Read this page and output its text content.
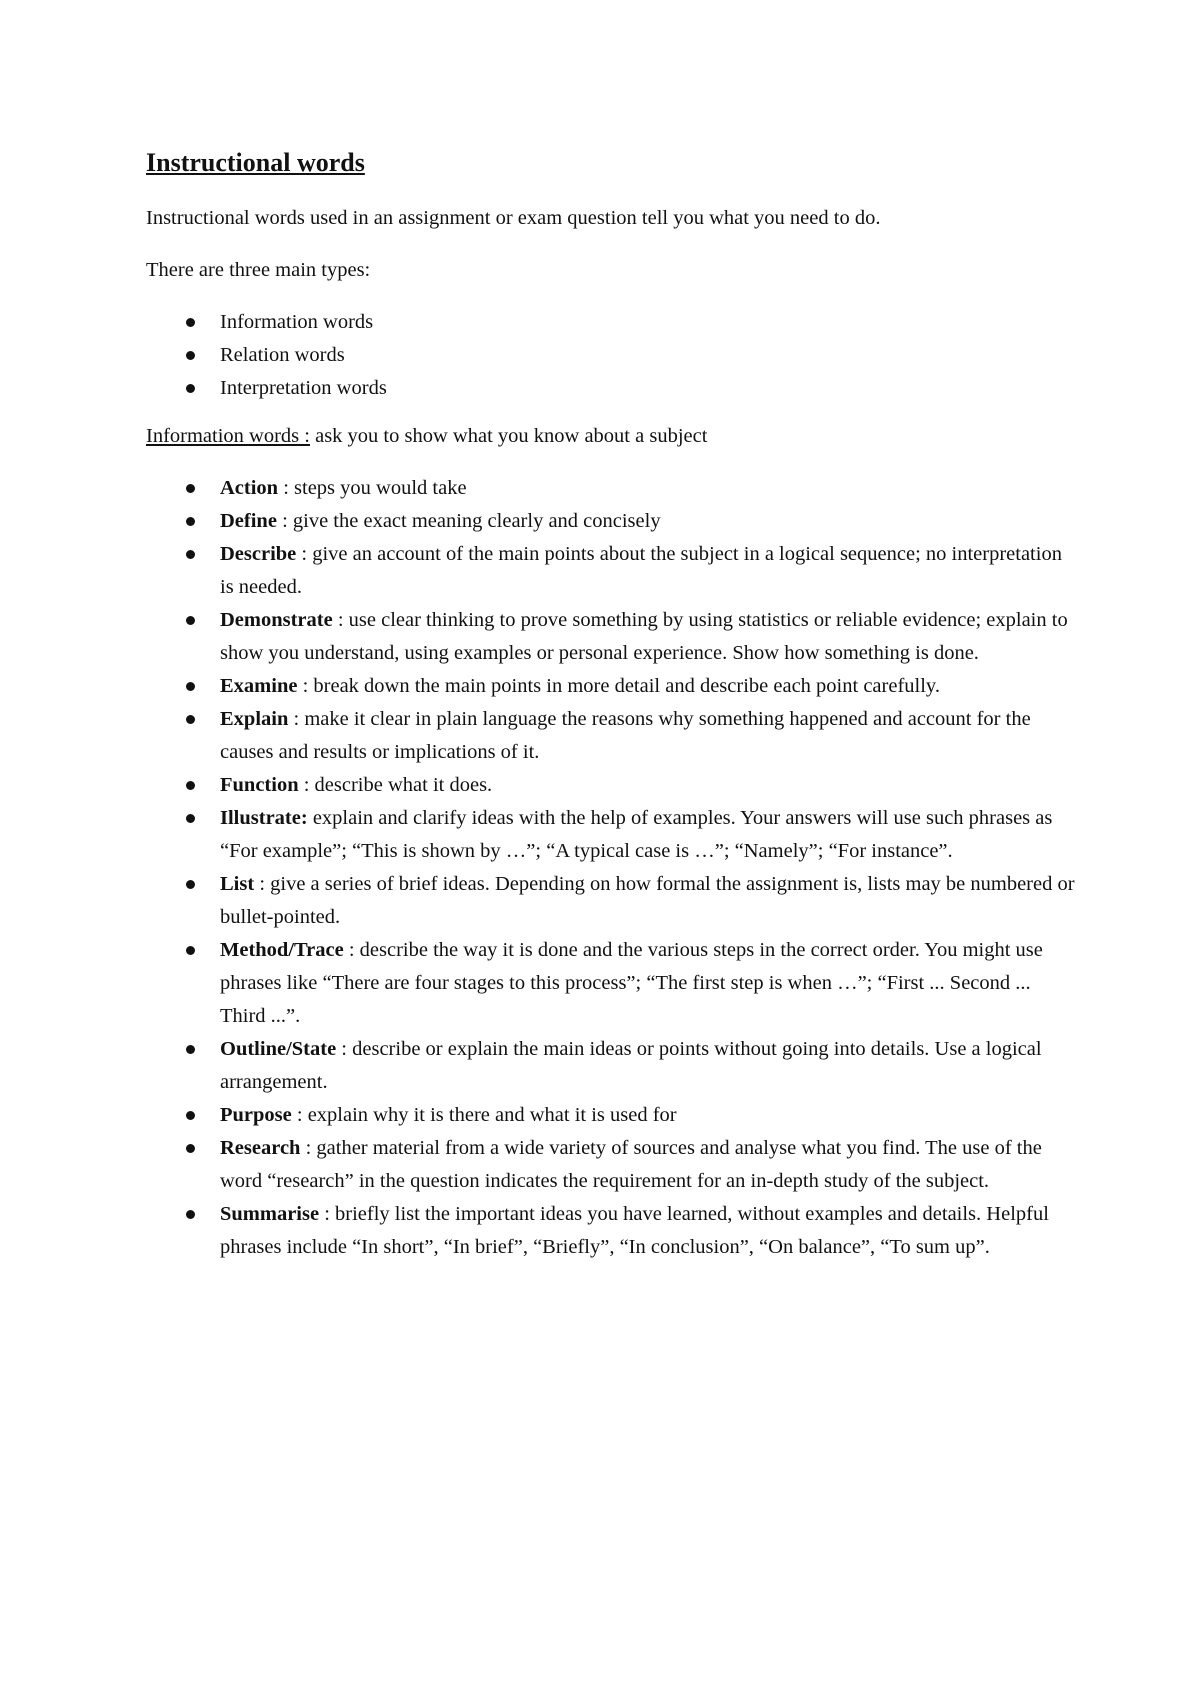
Instructional words

Instructional words used in an assignment or exam question tell you what you need to do.

There are three main types:

Information words
Relation words
Interpretation words

Information words : ask you to show what you know about a subject

Action : steps you would take
Define : give the exact meaning clearly and concisely
Describe : give an account of the main points about the subject in a logical sequence; no interpretation is needed.
Demonstrate : use clear thinking to prove something by using statistics or reliable evidence; explain to show you understand, using examples or personal experience. Show how something is done.
Examine : break down the main points in more detail and describe each point carefully.
Explain : make it clear in plain language the reasons why something happened and account for the causes and results or implications of it.
Function : describe what it does.
Illustrate: explain and clarify ideas with the help of examples. Your answers will use such phrases as “For example”; “This is shown by …”; “A typical case is …”; “Namely”; “For instance”.
List : give a series of brief ideas. Depending on how formal the assignment is, lists may be numbered or bullet-pointed.
Method/Trace : describe the way it is done and the various steps in the correct order. You might use phrases like “There are four stages to this process”; “The first step is when …”; “First ... Second ... Third ...”.
Outline/State : describe or explain the main ideas or points without going into details. Use a logical arrangement.
Purpose : explain why it is there and what it is used for
Research : gather material from a wide variety of sources and analyse what you find. The use of the word “research” in the question indicates the requirement for an in-depth study of the subject.
Summarise : briefly list the important ideas you have learned, without examples and details. Helpful phrases include “In short”, “In brief”, “Briefly”, “In conclusion”, “On balance”, “To sum up”.
